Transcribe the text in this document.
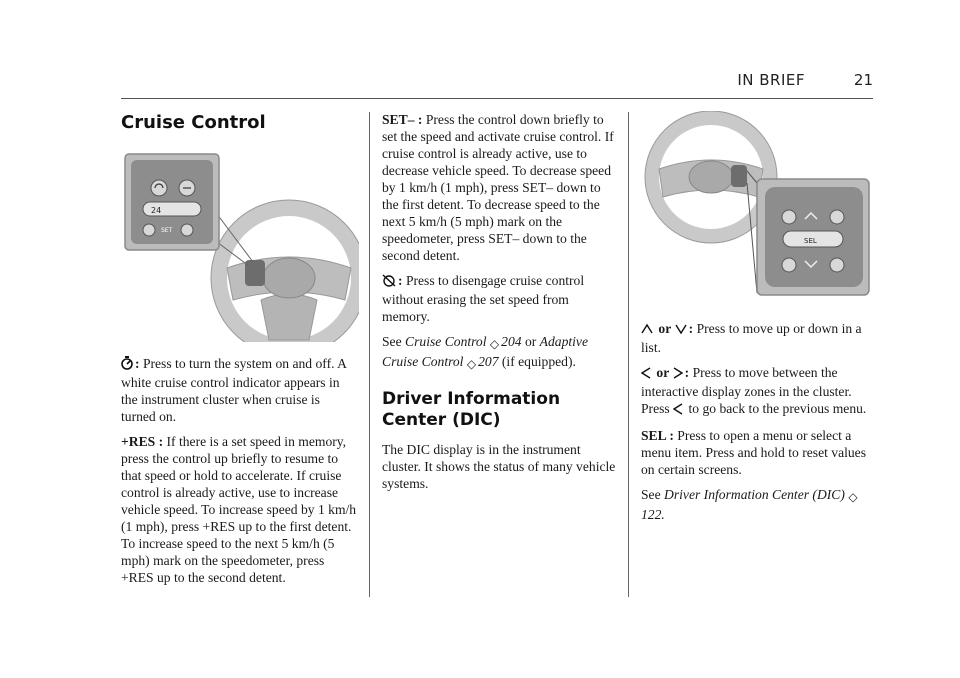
IN BRIEF	21
Cruise Control
24
SET

: Press to turn the system on and off. A white cruise control indicator appears in the instrument cluster when cruise is turned on.

+RES : If there is a set speed in memory, press the control up briefly to resume to that speed or hold to accelerate. If cruise control is already active, use to increase vehicle speed. To increase speed by 1 km/h (1 mph), press +RES up to the first detent. To increase speed to the next 5 km/h (5 mph) mark on the speedometer, press +RES up to the second detent.

SET– : Press the control down briefly to set the speed and activate cruise control. If cruise control is already active, use to decrease vehicle speed. To decrease speed by 1 km/h (1 mph), press SET– down to the first detent. To decrease speed to the next 5 km/h (5 mph) mark on the speedometer, press SET– down to the second detent.

: Press to disengage cruise control without erasing the set speed from memory.

See Cruise Control ◇ 204 or Adaptive Cruise Control ◇ 207 (if equipped).

Driver Information
Center (DIC)

The DIC display is in the instrument cluster. It shows the status of many vehicle systems.

SEL

or : Press to move up or down in a list.

or : Press to move between the interactive display zones in the cluster. Press to go back to the previous menu.

SEL : Press to open a menu or select a menu item. Press and hold to reset values on certain screens.

See Driver Information Center (DIC) ◇122.
